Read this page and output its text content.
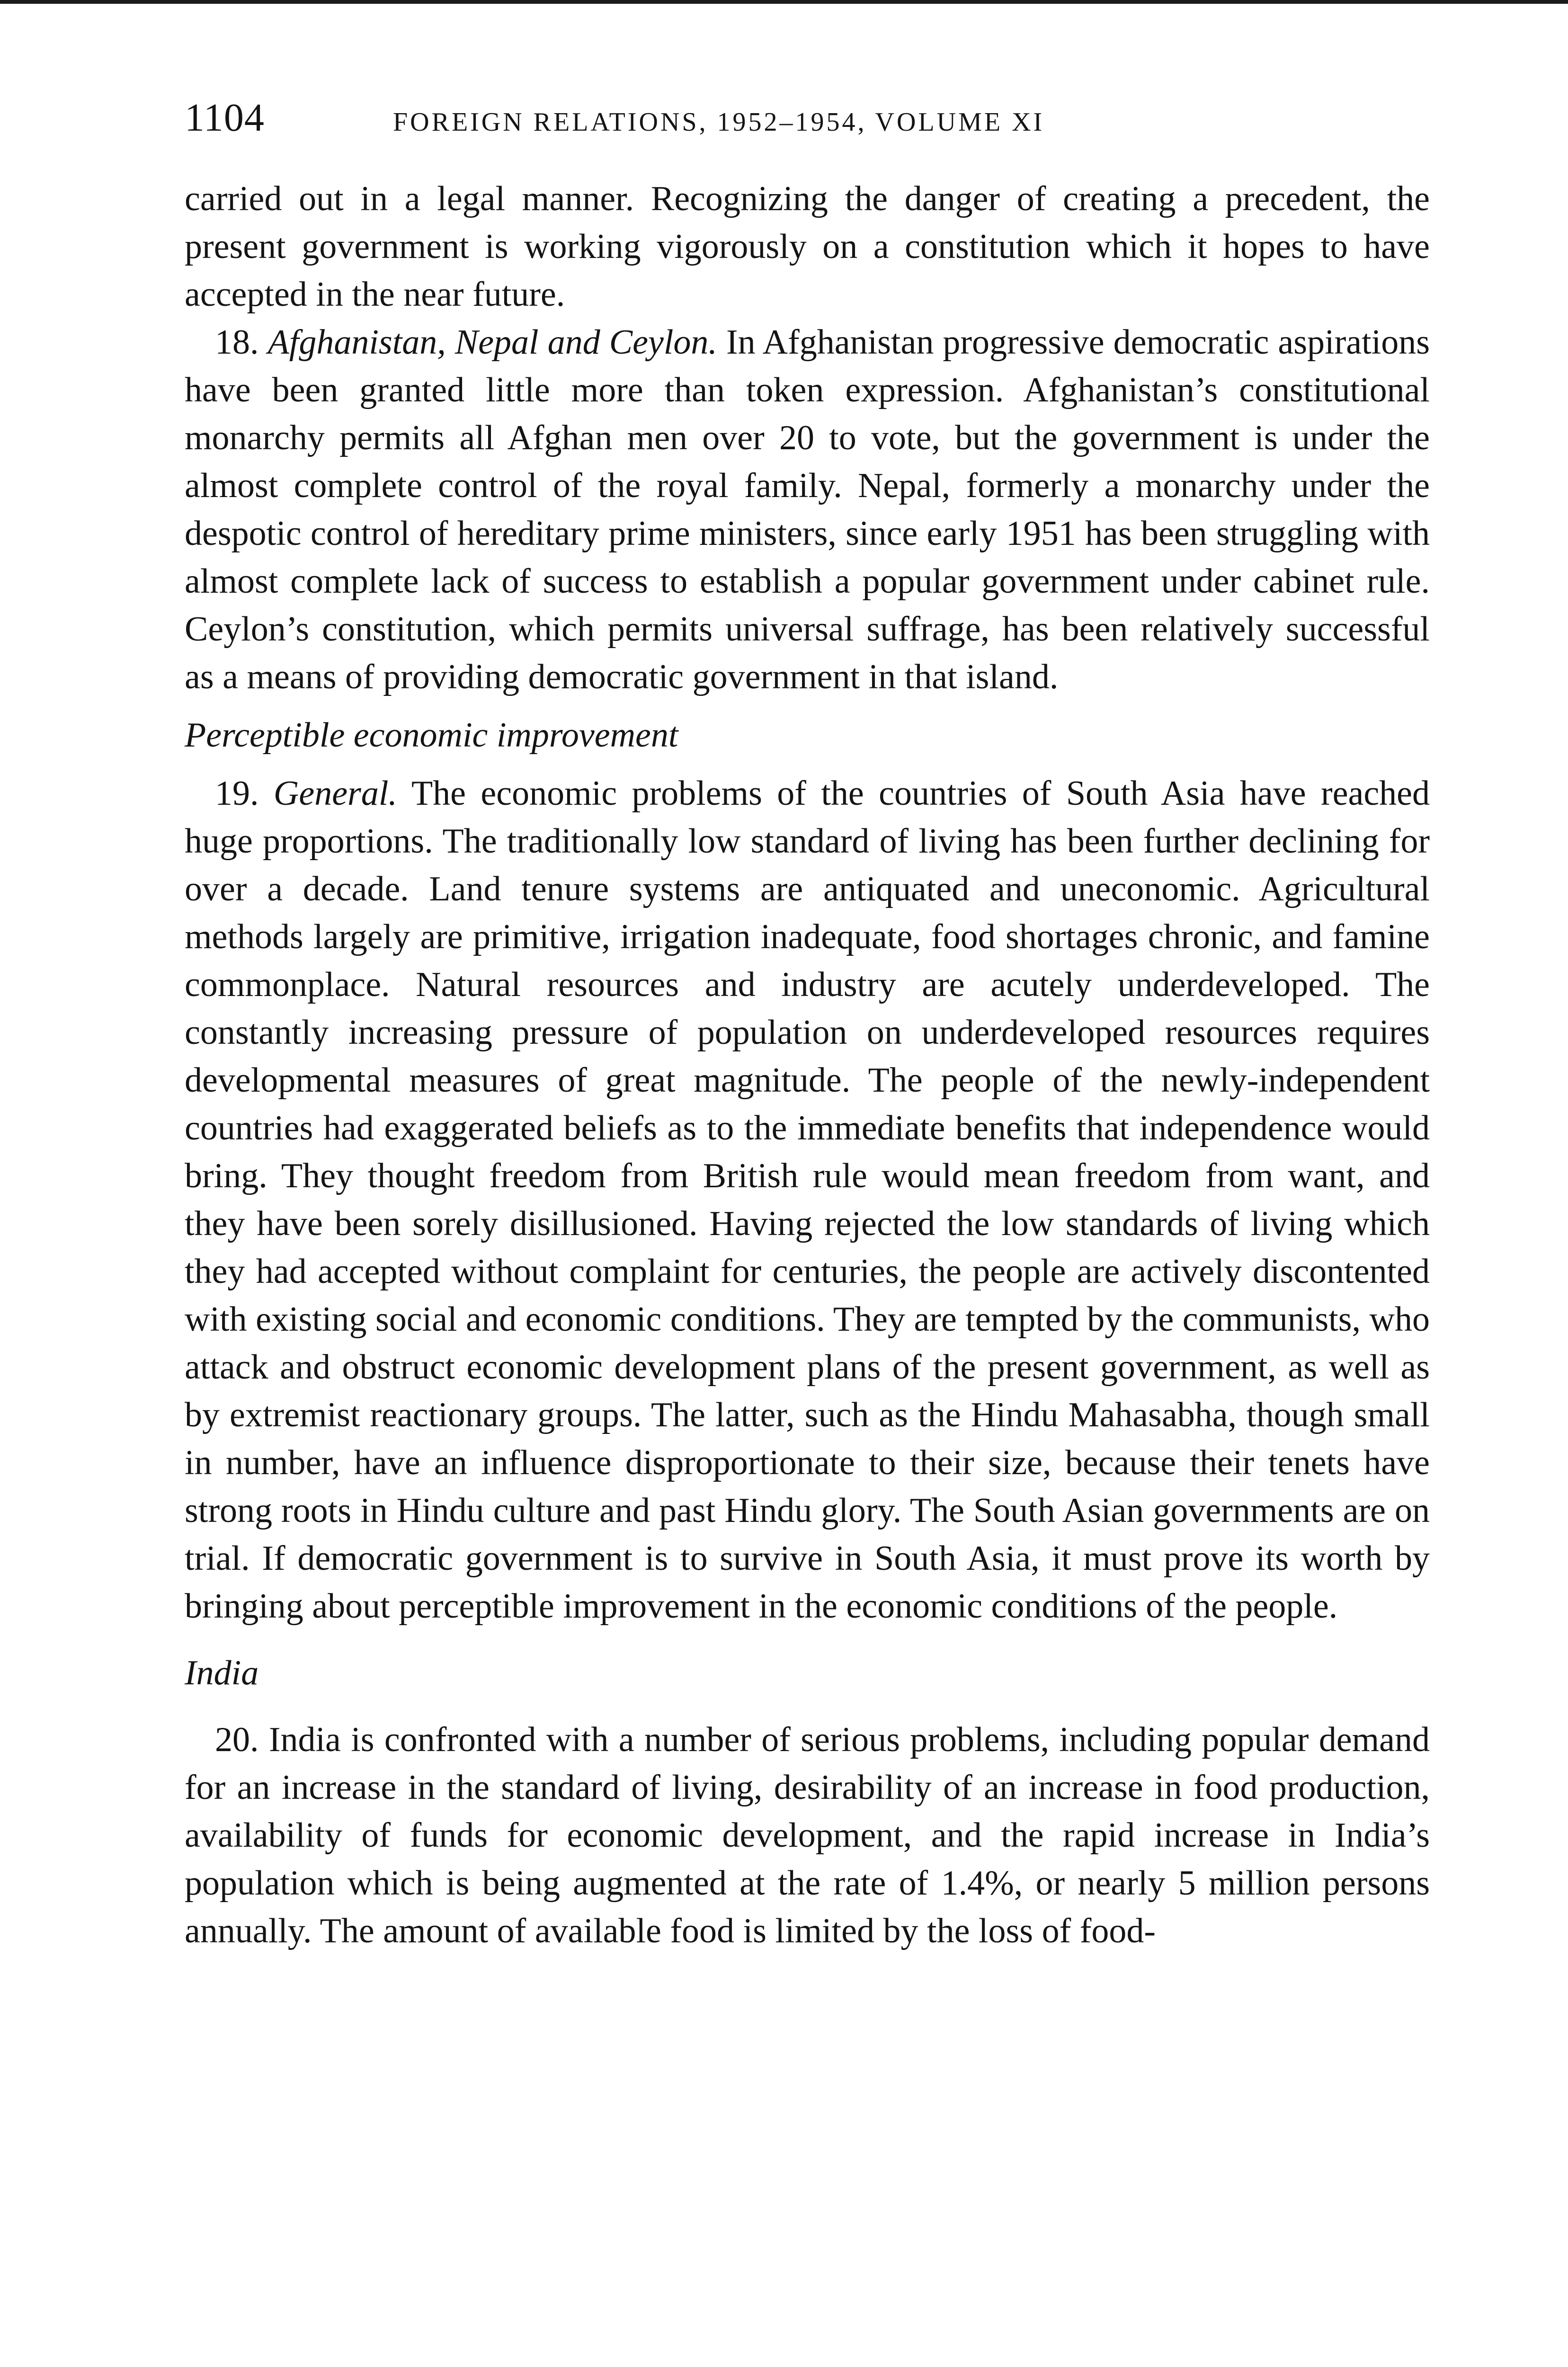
1104	FOREIGN RELATIONS, 1952–1954, VOLUME XI

carried out in a legal manner. Recognizing the danger of creating a precedent, the present government is working vigorously on a constitution which it hopes to have accepted in the near future.

18. Afghanistan, Nepal and Ceylon. In Afghanistan progressive democratic aspirations have been granted little more than token expression. Afghanistan’s constitutional monarchy permits all Afghan men over 20 to vote, but the government is under the almost complete control of the royal family. Nepal, formerly a monarchy under the despotic control of hereditary prime ministers, since early 1951 has been struggling with almost complete lack of success to establish a popular government under cabinet rule. Ceylon’s constitution, which permits universal suffrage, has been relatively successful as a means of providing democratic government in that island.

Perceptible economic improvement

19. General. The economic problems of the countries of South Asia have reached huge proportions. The traditionally low standard of living has been further declining for over a decade. Land tenure systems are antiquated and uneconomic. Agricultural methods largely are primitive, irrigation inadequate, food shortages chronic, and famine commonplace. Natural resources and industry are acutely underdeveloped. The constantly increasing pressure of population on underdeveloped resources requires developmental measures of great magnitude. The people of the newly-independent countries had exaggerated beliefs as to the immediate benefits that independence would bring. They thought freedom from British rule would mean freedom from want, and they have been sorely disillusioned. Having rejected the low standards of living which they had accepted without complaint for centuries, the people are actively discontented with existing social and economic conditions. They are tempted by the communists, who attack and obstruct economic development plans of the present government, as well as by extremist reactionary groups. The latter, such as the Hindu Mahasabha, though small in number, have an influence disproportionate to their size, because their tenets have strong roots in Hindu culture and past Hindu glory. The South Asian governments are on trial. If democratic government is to survive in South Asia, it must prove its worth by bringing about perceptible improvement in the economic conditions of the people.

India

20. India is confronted with a number of serious problems, including popular demand for an increase in the standard of living, desirability of an increase in food production, availability of funds for economic development, and the rapid increase in India’s population which is being augmented at the rate of 1.4%, or nearly 5 million persons annually. The amount of available food is limited by the loss of food-
